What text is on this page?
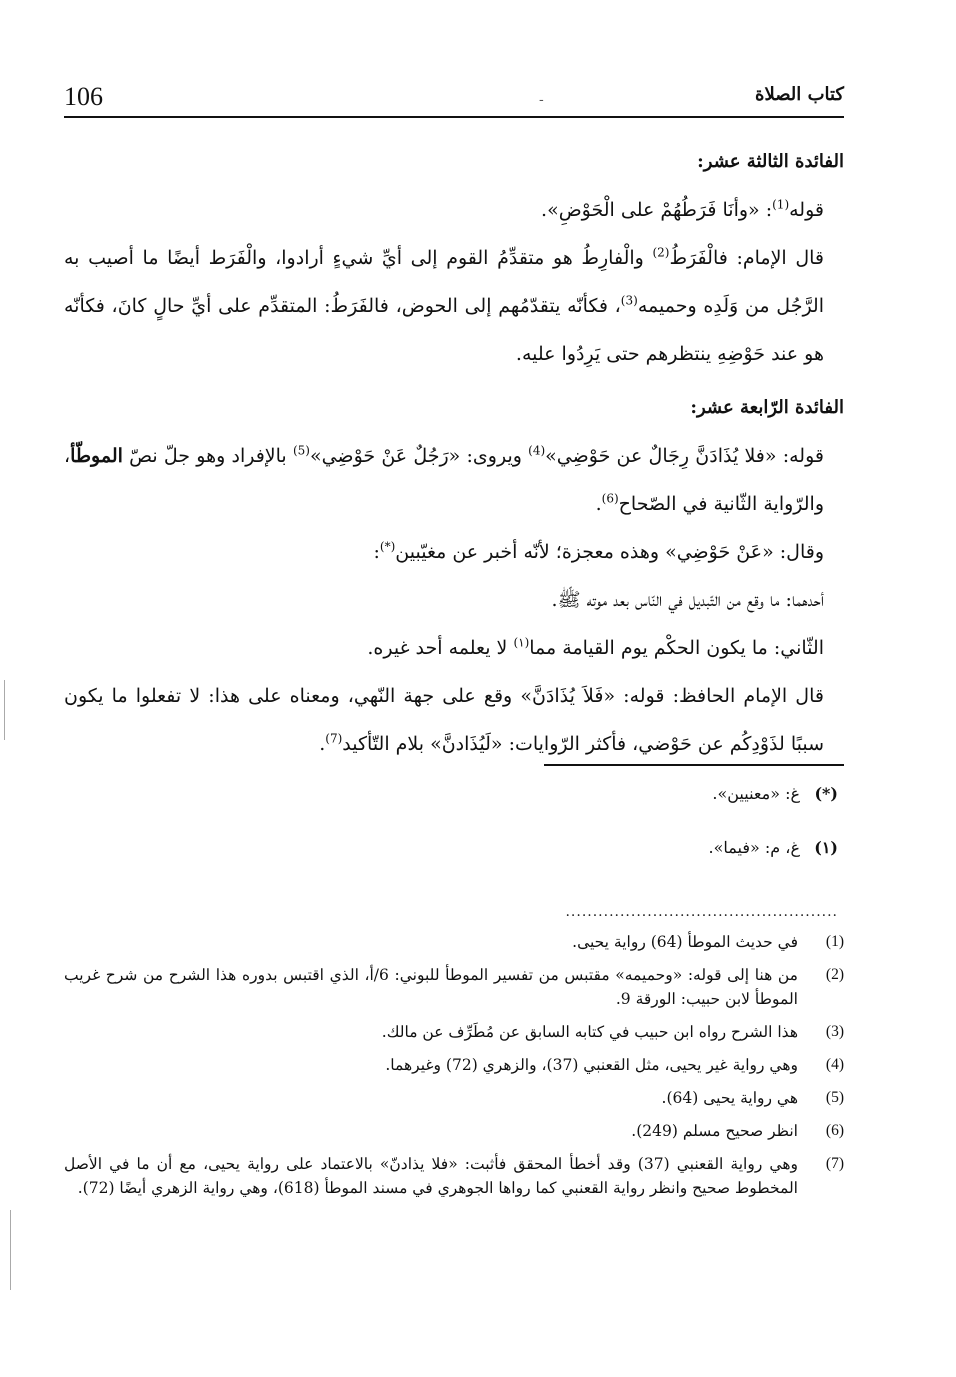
106	-	كتاب الصلاة

الفائدة الثالثة عشر:

قوله$^{(1)}$: «وأنَا فَرَطُهُمْ على الْحَوْضِ».

قال الإمام: فالْفَرَطُ$^{(2)}$ والْفارِطُ هو متقدِّمُ القوم إلى أيِّ شيءٍ أرادوا، والْفَرَط أيضًا ما أصيب به الرَّجُل من وَلَدِه وحميمه$^{(3)}$، فكأنّه يتقدّمُهم إلى الحوض، فالفَرَطُ: المتقدِّم على أيِّ حالٍ كانَ، فكأنّه هو عند حَوْضِهِ ينتظرهم حتى يَرِدُوا عليه.

الفائدة الرّابعة عشر:

قوله: «فلا يُذَادَنَّ رِجَالٌ عن حَوْضِي»$^{(4)}$ ويروى: «رَجُلٌ عَنْ حَوْضِي»$^{(5)}$ بالإفراد وهو جلّ نصّ الموطّأ، والرّواية الثّانية في الصّحاح$^{(6)}$.

وقال: «عَنْ حَوْضِي» وهذه معجزة؛ لأنّه أخبر عن مغيّبين(*):

أحدهما: ما وقع من التّبديل في النّاس بعد موته ﷺ.

الثّاني: ما يكون الحكْم يوم القيامة مما$^{(١)}$ لا يعلمه أحد غيره.

قال الإمام الحافظ: قوله: «فَلاَ يُذَادَنَّ» وقع على جهة النّهي، ومعناه على هذا: لا تفعلوا ما يكون سببًا لذَوْدِكُم عن حَوْضي، فأكثر الرّوايات: «لَيُذَادنَّ» بلام التّأكيد$^{(7)}$.

(*)غ: «معنيين».
(١)غ، م: «فيما».
..................................................
(1)
في حديث الموطأ (64) رواية يحيى.
(2)
من هنا إلى قوله: «وحميمه» مقتبس من تفسير الموطأ للبوني: 6/أ، الذي اقتبس بدوره هذا الشرح من شرح غريب الموطأ لابن حبيب: الورقة 9.
(3)
هذا الشرح رواه ابن حبيب في كتابه السابق عن مُطَرِّف عن مالك.
(4)
وهي رواية غير يحيى، مثل القعنبي (37)، والزهري (72) وغيرهما.
(5)
هي رواية يحيى (64).
(6)
انظر صحيح مسلم (249).
(7)
وهي رواية القعنبي (37) وقد أخطأ المحقق فأثبت: «فلا يذادنّ» بالاعتماد على رواية يحيى، مع أن ما في الأصل المخطوط صحيح وانظر رواية القعنبي كما رواها الجوهري في مسند الموطأ (618)، وهي رواية الزهري أيضًا (72).
